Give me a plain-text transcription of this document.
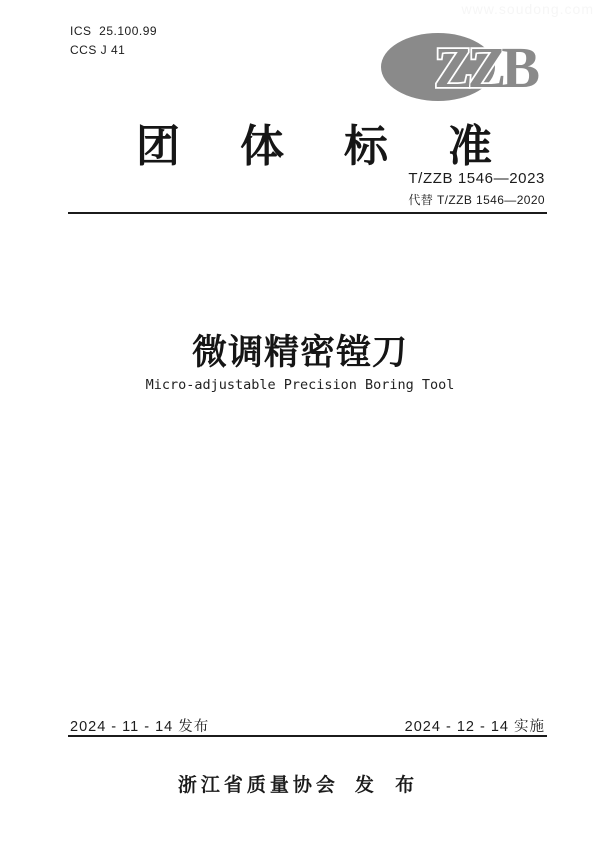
www.soudong.com
ICS  25.100.99
CCS J 41	ZZB
团体标准
T/ZZB 1546—2023
代替 T/ZZB 1546—2020
微调精密镗刀
Micro-adjustable Precision Boring Tool
2024 - 11 - 14 发布	2024 - 12 - 14 实施
浙江省质量协会 发 布
